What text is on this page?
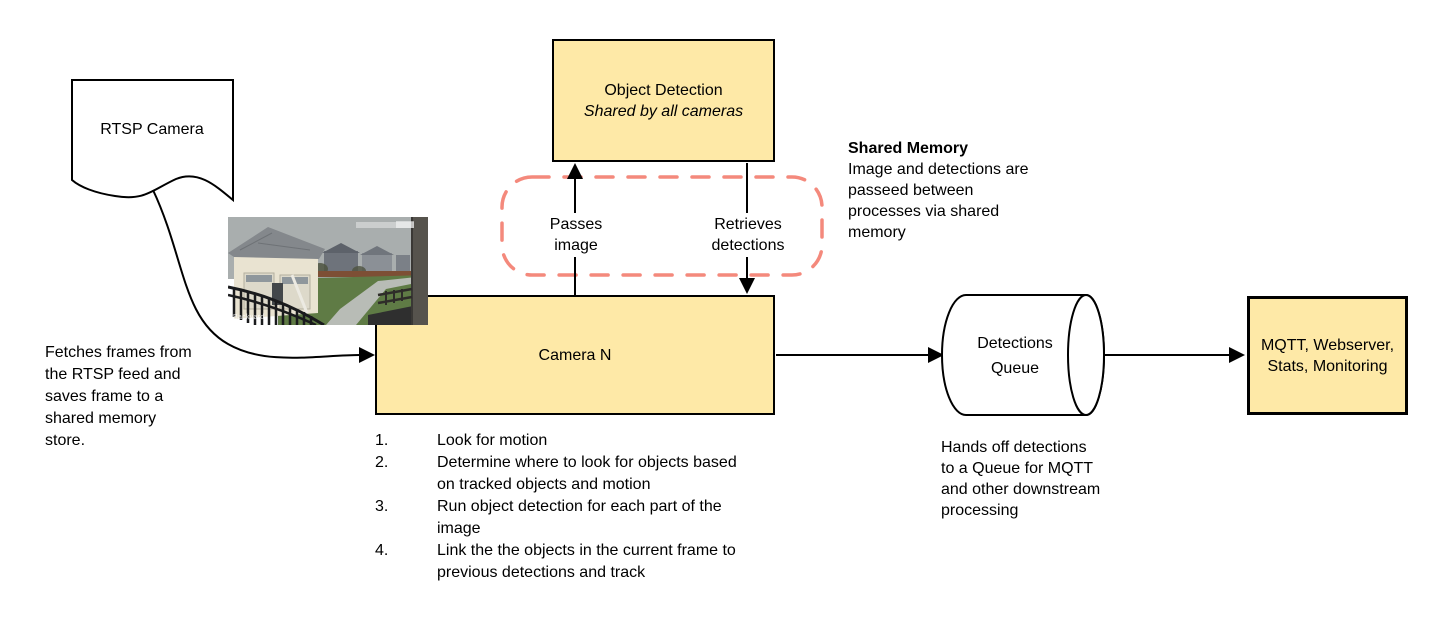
RTSP Camera
Object Detection
Shared by all cameras
Camera N
MQTT, Webserver, Stats, Monitoring
Backyard
Detections Queue
Passes image
Retrieves detections
Shared Memory
Image and detections are passeed between processes via shared memory
Fetches frames from the RTSP feed and saves frame to a shared memory store.	1.	Look for motion
2.	Determine where to look for objects based on tracked objects and motion
3.	Run object detection for each part of the image
4.	Link the the objects in the current frame to previous detections and track
Hands off detections to a Queue for MQTT and other downstream processing
